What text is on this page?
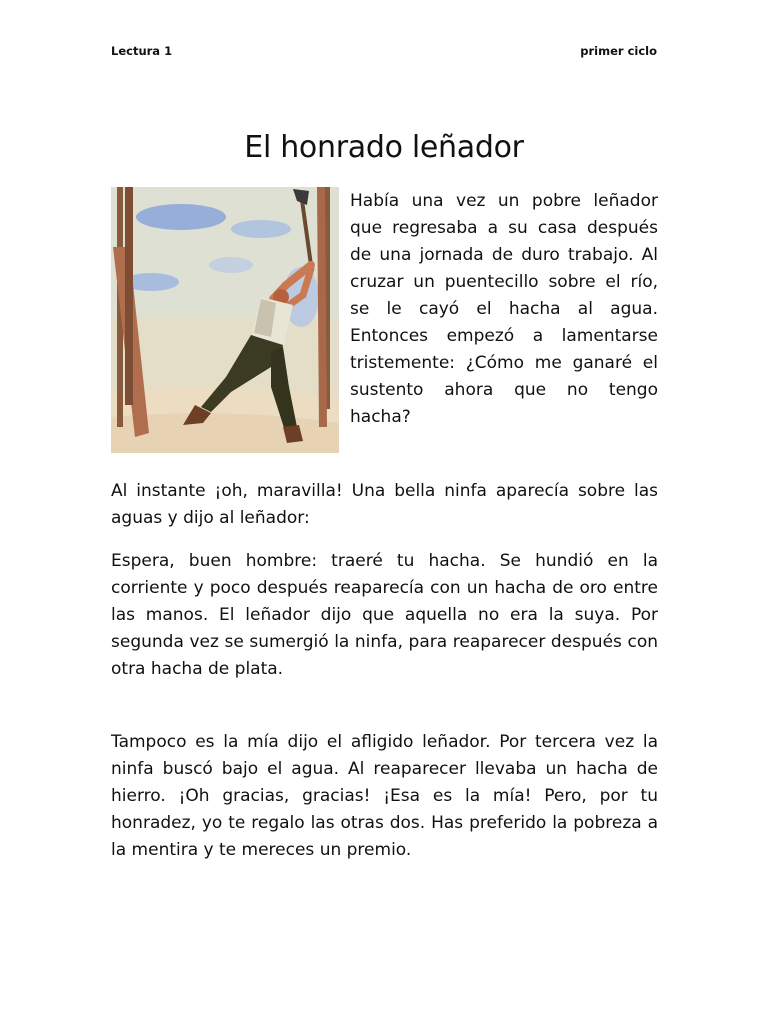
Lectura 1	primer ciclo
El honrado leñador

Había una vez un pobre leñador que regresaba a su casa después de una jornada de duro trabajo. Al cruzar un puentecillo sobre el río, se le cayó el hacha al agua. Entonces empezó a lamentarse tristemente: ¿Cómo me ganaré el sustento ahora que no tengo hacha?

Al instante ¡oh, maravilla! Una bella ninfa aparecía sobre las aguas y dijo al leñador:

Espera, buen hombre: traeré tu hacha. Se hundió en la corriente y poco después reaparecía con un hacha de oro entre las manos. El leñador dijo que aquella no era la suya. Por segunda vez se sumergió la ninfa, para reaparecer después con otra hacha de plata.

Tampoco es la mía dijo el afligido leñador. Por tercera vez la ninfa buscó bajo el agua. Al reaparecer llevaba un hacha de hierro. ¡Oh gracias, gracias! ¡Esa es la mía! Pero, por tu honradez, yo te regalo las otras dos. Has preferido la pobreza a la mentira y te mereces un premio.
